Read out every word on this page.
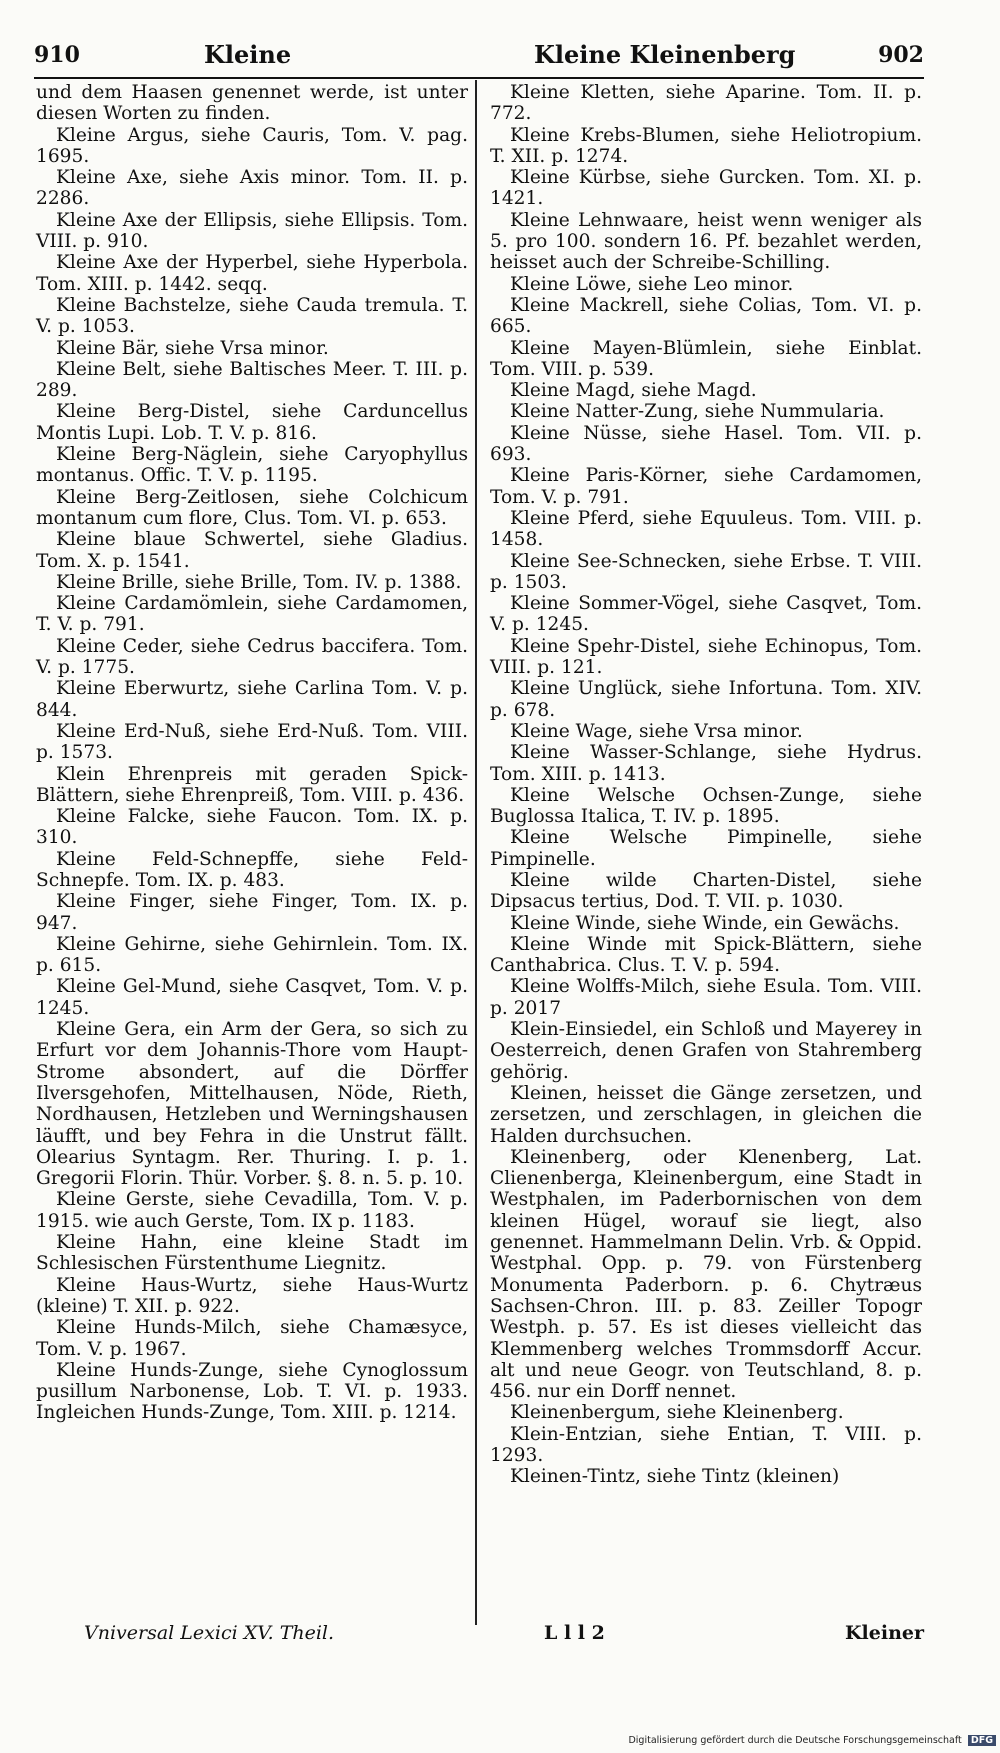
910	Kleine	Kleine Kleinenberg	902

und dem Haasen genennet werde, ist unter diesen Worten zu finden.

Kleine Argus, siehe Cauris, Tom. V. pag. 1695.

Kleine Axe, siehe Axis minor. Tom. II. p. 2286.

Kleine Axe der Ellipsis, siehe Ellipsis. Tom. VIII. p. 910.

Kleine Axe der Hyperbel, siehe Hyperbola. Tom. XIII. p. 1442. seqq.

Kleine Bachstelze, siehe Cauda tremula. T. V. p. 1053.

Kleine Bär, siehe Vrsa minor.

Kleine Belt, siehe Baltisches Meer. T. III. p. 289.

Kleine Berg-Distel, siehe Carduncellus Montis Lupi. Lob. T. V. p. 816.

Kleine Berg-Näglein, siehe Caryophyllus montanus. Offic. T. V. p. 1195.

Kleine Berg-Zeitlosen, siehe Colchicum montanum cum flore, Clus. Tom. VI. p. 653.

Kleine blaue Schwertel, siehe Gladius. Tom. X. p. 1541.

Kleine Brille, siehe Brille, Tom. IV. p. 1388.

Kleine Cardamömlein, siehe Cardamomen, T. V. p. 791.

Kleine Ceder, siehe Cedrus baccifera. Tom. V. p. 1775.

Kleine Eberwurtz, siehe Carlina Tom. V. p. 844.

Kleine Erd-Nuß, siehe Erd-Nuß. Tom. VIII. p. 1573.

Klein Ehrenpreis mit geraden Spick-Blättern, siehe Ehrenpreiß, Tom. VIII. p. 436.

Kleine Falcke, siehe Faucon. Tom. IX. p. 310.

Kleine Feld-Schnepffe, siehe Feld-Schnepfe. Tom. IX. p. 483.

Kleine Finger, siehe Finger, Tom. IX. p. 947.

Kleine Gehirne, siehe Gehirnlein. Tom. IX. p. 615.

Kleine Gel-Mund, siehe Casqvet, Tom. V. p. 1245.

Kleine Gera, ein Arm der Gera, so sich zu Erfurt vor dem Johannis-Thore vom Haupt-Strome absondert, auf die Dörffer Ilversgehofen, Mittelhausen, Nöde, Rieth, Nordhausen, Hetzleben und Werningshausen läufft, und bey Fehra in die Unstrut fällt. Olearius Syntagm. Rer. Thuring. I. p. 1. Gregorii Florin. Thür. Vorber. §. 8. n. 5. p. 10.

Kleine Gerste, siehe Cevadilla, Tom. V. p. 1915. wie auch Gerste, Tom. IX p. 1183.

Kleine Hahn, eine kleine Stadt im Schlesischen Fürstenthume Liegnitz.

Kleine Haus-Wurtz, siehe Haus-Wurtz (kleine) T. XII. p. 922.

Kleine Hunds-Milch, siehe Chamæsyce, Tom. V. p. 1967.

Kleine Hunds-Zunge, siehe Cynoglossum pusillum Narbonense, Lob. T. VI. p. 1933. Ingleichen Hunds-Zunge, Tom. XIII. p. 1214.

Kleine Kletten, siehe Aparine. Tom. II. p. 772.

Kleine Krebs-Blumen, siehe Heliotropium. T. XII. p. 1274.

Kleine Kürbse, siehe Gurcken. Tom. XI. p. 1421.

Kleine Lehnwaare, heist wenn weniger als 5. pro 100. sondern 16. Pf. bezahlet werden, heisset auch der Schreibe-Schilling.

Kleine Löwe, siehe Leo minor.

Kleine Mackrell, siehe Colias, Tom. VI. p. 665.

Kleine Mayen-Blümlein, siehe Einblat. Tom. VIII. p. 539.

Kleine Magd, siehe Magd.

Kleine Natter-Zung, siehe Nummularia.

Kleine Nüsse, siehe Hasel. Tom. VII. p. 693.

Kleine Paris-Körner, siehe Cardamomen, Tom. V. p. 791.

Kleine Pferd, siehe Equuleus. Tom. VIII. p. 1458.

Kleine See-Schnecken, siehe Erbse. T. VIII. p. 1503.

Kleine Sommer-Vögel, siehe Casqvet, Tom. V. p. 1245.

Kleine Spehr-Distel, siehe Echinopus, Tom. VIII. p. 121.

Kleine Unglück, siehe Infortuna. Tom. XIV. p. 678.

Kleine Wage, siehe Vrsa minor.

Kleine Wasser-Schlange, siehe Hydrus. Tom. XIII. p. 1413.

Kleine Welsche Ochsen-Zunge, siehe Buglossa Italica, T. IV. p. 1895.

Kleine Welsche Pimpinelle, siehe Pimpinelle.

Kleine wilde Charten-Distel, siehe Dipsacus tertius, Dod. T. VII. p. 1030.

Kleine Winde, siehe Winde, ein Gewächs.

Kleine Winde mit Spick-Blättern, siehe Canthabrica. Clus. T. V. p. 594.

Kleine Wolffs-Milch, siehe Esula. Tom. VIII. p. 2017

Klein-Einsiedel, ein Schloß und Mayerey in Oesterreich, denen Grafen von Stahremberg gehörig.

Kleinen, heisset die Gänge zersetzen, und zersetzen, und zerschlagen, in gleichen die Halden durchsuchen.

Kleinenberg, oder Klenenberg, Lat. Clienenberga, Kleinenbergum, eine Stadt in Westphalen, im Paderbornischen von dem kleinen Hügel, worauf sie liegt, also genennet. Hammelmann Delin. Vrb. & Oppid. Westphal. Opp. p. 79. von Fürstenberg Monumenta Paderborn. p. 6. Chytræus Sachsen-Chron. III. p. 83. Zeiller Topogr Westph. p. 57. Es ist dieses vielleicht das Klemmenberg welches Trommsdorff Accur. alt und neue Geogr. von Teutschland, 8. p. 456. nur ein Dorff nennet.

Kleinenbergum, siehe Kleinenberg.

Klein-Entzian, siehe Entian, T. VIII. p. 1293.

Kleinen-Tintz, siehe Tintz (kleinen)

Vniversal Lexici XV. Theil.	L l l 2	Kleiner
Digitalisierung gefördert durch die Deutsche Forschungsgemeinschaft DFG
